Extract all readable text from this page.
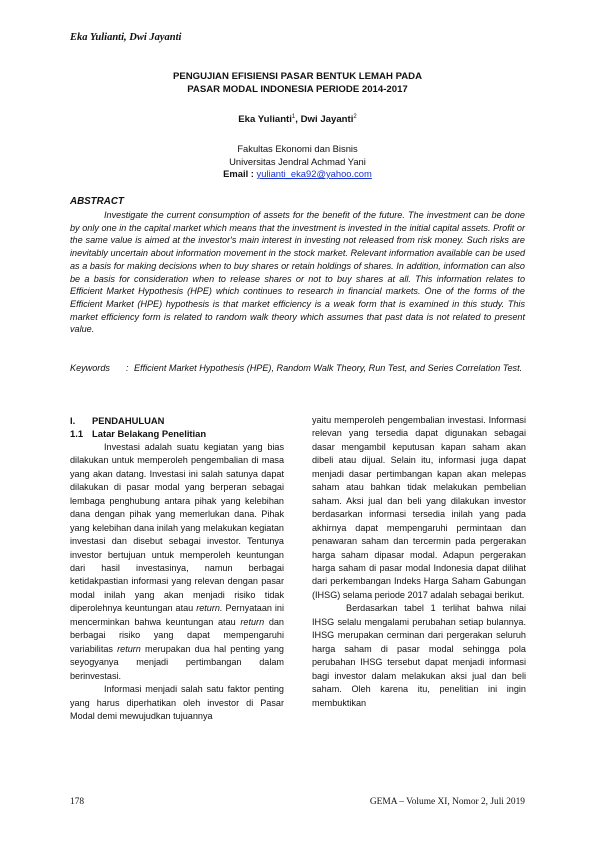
Eka Yulianti, Dwi Jayanti
PENGUJIAN EFISIENSI PASAR BENTUK LEMAH PADA
PASAR MODAL INDONESIA PERIODE 2014-2017
Eka Yulianti$^1$, Dwi Jayanti$^2$
Fakultas Ekonomi dan Bisnis
Universitas Jendral Achmad Yani
Email : yulianti_eka92@yahoo.com
ABSTRACT

Investigate the current consumption of assets for the benefit of the future. The investment can be done by only one in the capital market which means that the investment is invested in the initial capital assets. Profit or the same value is aimed at the investor's main interest in investing not released from risk money. Such risks are inevitably uncertain about information movement in the stock market. Relevant information available can be used as a basis for making decisions when to buy shares or retain holdings of shares. In addition, information can also be a basis for consideration when to release shares or not to buy shares at all. This information relates to Efficient Market Hypothesis (HPE) which continues to research in financial markets. One of the forms of the Efficient Market (HPE) hypothesis is that market efficiency is a weak form that is examined in this study. This market efficiency form is related to random walk theory which assumes that past data is not related to present value.

Keywords	: Efficient Market Hypothesis (HPE), Random Walk Theory, Run Test, and Series Correlation Test.
I.	PENDAHULUAN
1.1 Latar Belakang Penelitian

Investasi adalah suatu kegiatan yang bias dilakukan untuk memperoleh pengembalian di masa yang akan datang. Investasi ini salah satunya dapat dilakukan di pasar modal yang berperan sebagai lembaga penghubung antara pihak yang kelebihan dana dengan pihak yang memerlukan dana. Pihak yang kelebihan dana inilah yang melakukan kegiatan investasi dan disebut sebagai investor. Tentunya investor bertujuan untuk memperoleh keuntungan dari hasil investasinya, namun berbagai ketidakpastian informasi yang relevan dengan pasar modal inilah yang akan menjadi risiko tidak diperolehnya keuntungan atau return. Pernyataan ini mencerminkan bahwa keuntungan atau return dan berbagai risiko yang dapat mempengaruhi variabilitas return merupakan dua hal penting yang seyogyanya menjadi pertimbangan dalam berinvestasi.

Informasi menjadi salah satu faktor penting yang harus diperhatikan oleh investor di Pasar Modal demi mewujudkan tujuannya

yaitu memperoleh pengembalian investasi. Informasi relevan yang tersedia dapat digunakan sebagai dasar mengambil keputusan kapan saham akan dibeli atau dijual. Selain itu, informasi juga dapat menjadi dasar pertimbangan kapan akan melepas saham atau bahkan tidak melakukan pembelian saham. Aksi jual dan beli yang dilakukan investor berdasarkan informasi tersedia inilah yang pada akhirnya dapat mempengaruhi permintaan dan penawaran saham dan tercermin pada pergerakan harga saham dipasar modal. Adapun pergerakan harga saham di pasar modal Indonesia dapat dilihat dari perkembangan Indeks Harga Saham Gabungan (IHSG) selama periode 2017 adalah sebagai berikut.

Berdasarkan tabel 1 terlihat bahwa nilai IHSG selalu mengalami perubahan setiap bulannya. IHSG merupakan cerminan dari pergerakan seluruh harga saham di pasar modal sehingga pola perubahan IHSG tersebut dapat menjadi informasi bagi investor dalam melakukan aksi jual dan beli saham. Oleh karena itu, penelitian ini ingin membuktikan

178	GEMA – Volume XI, Nomor 2, Juli 2019
